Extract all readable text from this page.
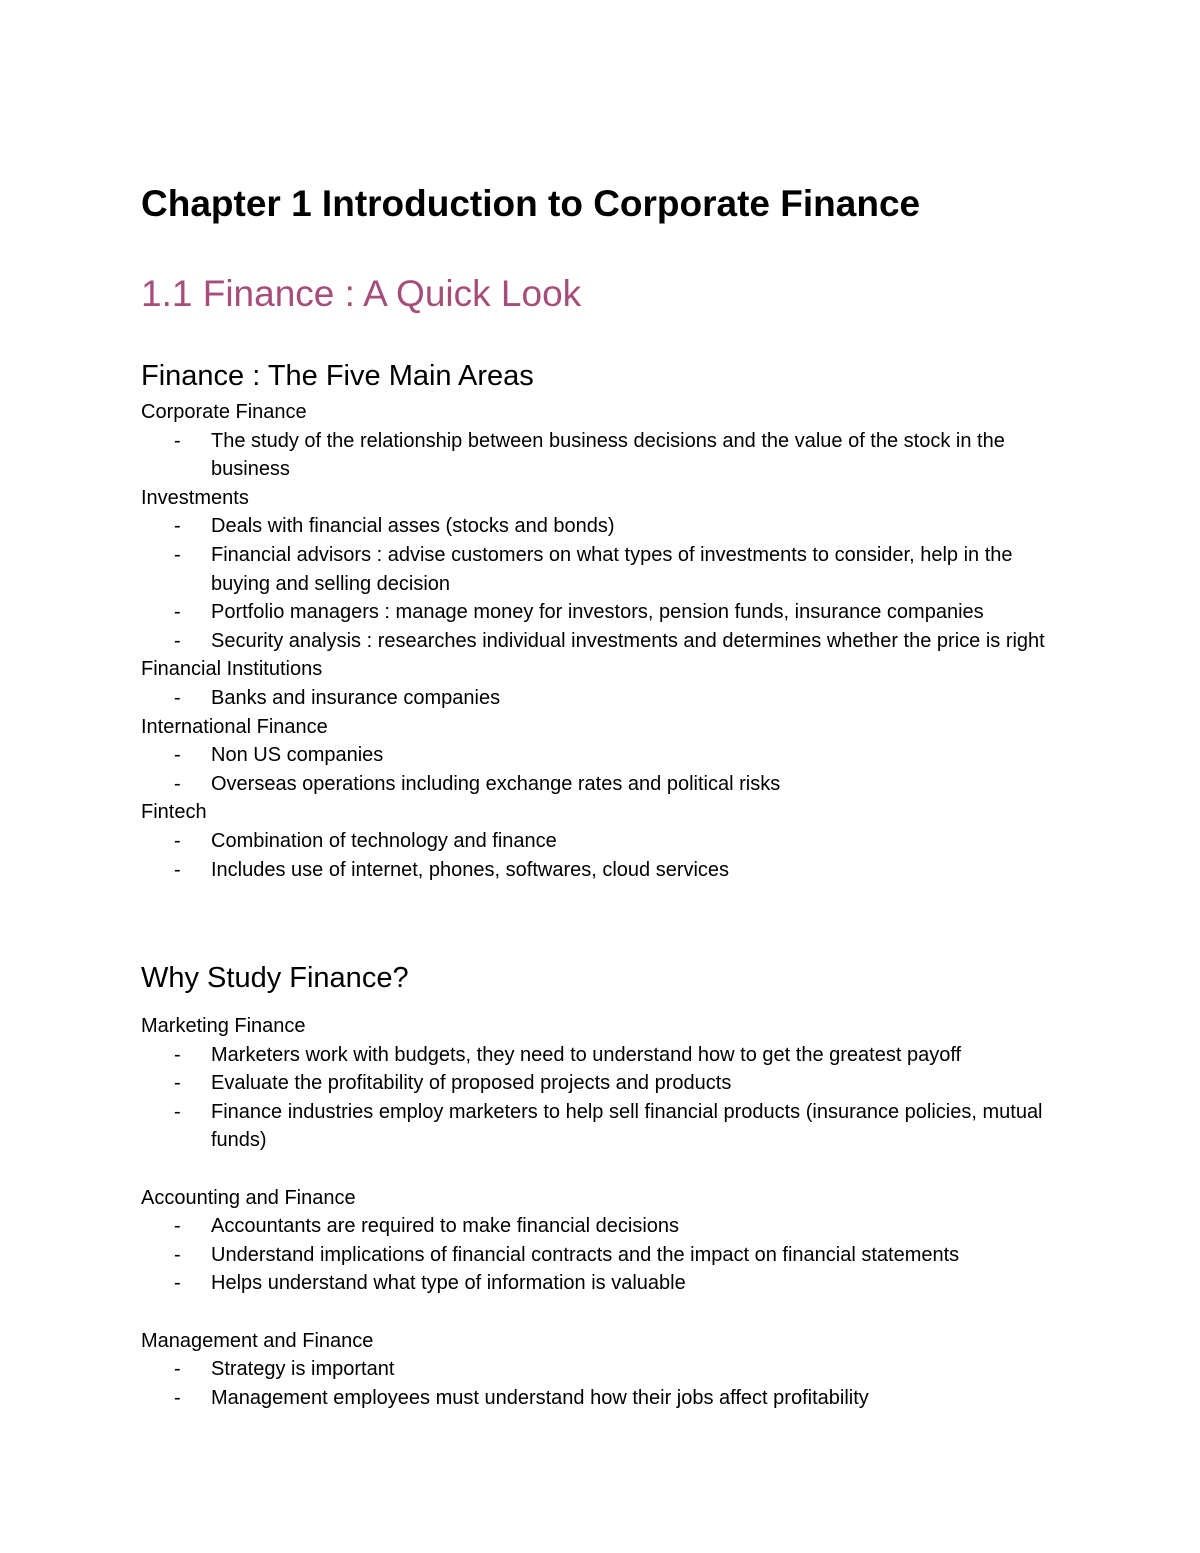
Chapter 1 Introduction to Corporate Finance
1.1 Finance : A Quick Look
Finance : The Five Main Areas

Corporate Finance

- The study of the relationship between business decisions and the value of the stock in the business

Investments

- Deals with financial asses (stocks and bonds)
- Financial advisors : advise customers on what types of investments to consider, help in the buying and selling decision
- Portfolio managers : manage money for investors, pension funds, insurance companies
- Security analysis : researches individual investments and determines whether the price is right

Financial Institutions

- Banks and insurance companies

International Finance

- Non US companies
- Overseas operations including exchange rates and political risks

Fintech

- Combination of technology and finance
- Includes use of internet, phones, softwares, cloud services
Why Study Finance?

Marketing Finance

- Marketers work with budgets, they need to understand how to get the greatest payoff
- Evaluate the profitability of proposed projects and products
- Finance industries employ marketers to help sell financial products (insurance policies, mutual funds)

Accounting and Finance

- Accountants are required to make financial decisions
- Understand implications of financial contracts and the impact on financial statements
- Helps understand what type of information is valuable

Management and Finance

- Strategy is important
- Management employees must understand how their jobs affect profitability
